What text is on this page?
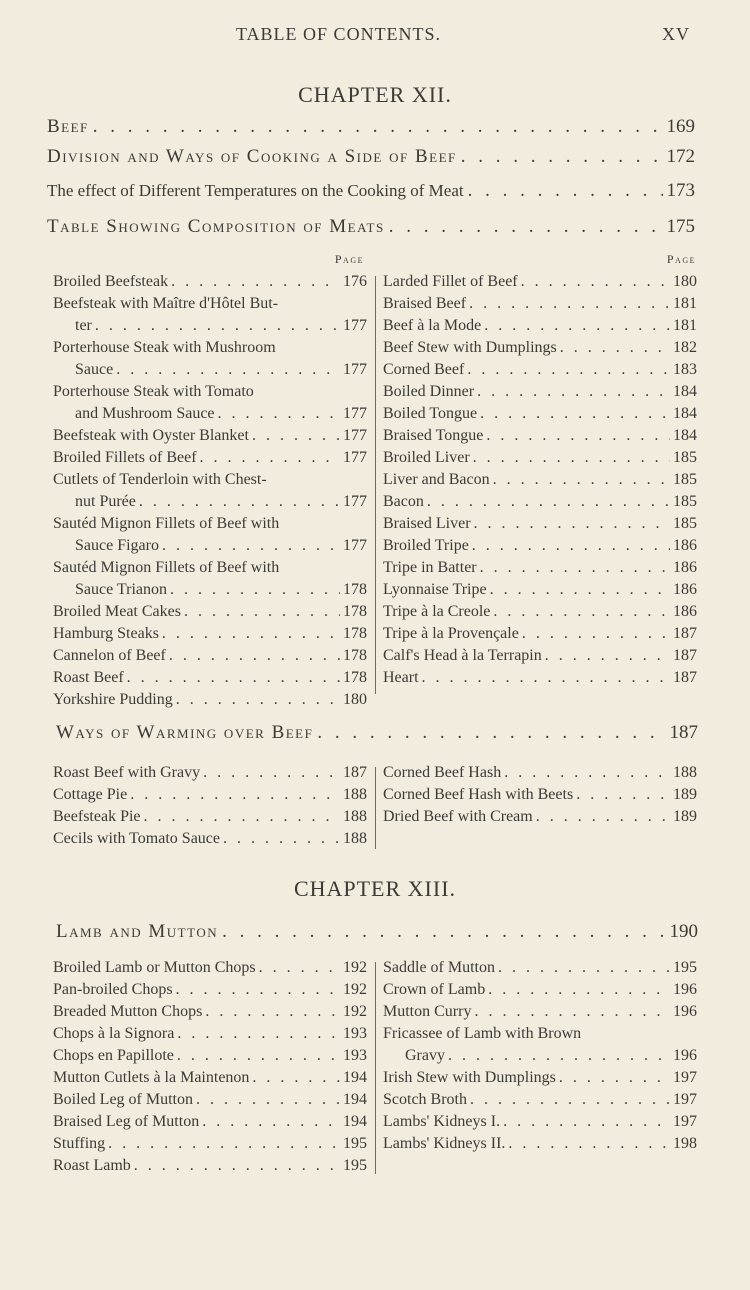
TABLE OF CONTENTS.	XV
CHAPTER XII.
Beef . . .	169
Division and Ways of Cooking a Side of Beef . . .	172
The effect of Different Temperatures on the Cooking of Meat . . .	173
Table Showing Composition of Meats . . .	175
Page	Page
Broiled Beefsteak . . .	176
Beefsteak with Maître d'Hôtel But-
ter . . .	177
Porterhouse Steak with Mushroom
Sauce . . .	177
Porterhouse Steak with Tomato
and Mushroom Sauce . . .	177
Beefsteak with Oyster Blanket . . .	177
Broiled Fillets of Beef . . .	177
Cutlets of Tenderloin with Chest-
nut Purée . . .	177
Sautéd Mignon Fillets of Beef with
Sauce Figaro . . .	177
Sautéd Mignon Fillets of Beef with
Sauce Trianon . . .	178
Broiled Meat Cakes . . .	178
Hamburg Steaks . . .	178
Cannelon of Beef . . .	178
Roast Beef . . .	178
Yorkshire Pudding . . .	180
Larded Fillet of Beef . . .	180
Braised Beef . . .	181
Beef à la Mode . . .	181
Beef Stew with Dumplings . . .	182
Corned Beef . . .	183
Boiled Dinner . . .	184
Boiled Tongue . . .	184
Braised Tongue . . .	184
Broiled Liver . . .	185
Liver and Bacon . . .	185
Bacon . . .	185
Braised Liver . . .	185
Broiled Tripe . . .	186
Tripe in Batter . . .	186
Lyonnaise Tripe . . .	186
Tripe à la Creole . . .	186
Tripe à la Provençale . . .	187
Calf's Head à la Terrapin . . .	187
Heart . . .	187
Ways of Warming over Beef . . .	187
Roast Beef with Gravy . . .	187
Cottage Pie . . .	188
Beefsteak Pie . . .	188
Cecils with Tomato Sauce . . .	188
Corned Beef Hash . . .	188
Corned Beef Hash with Beets . . .	189
Dried Beef with Cream . . .	189
CHAPTER XIII.
Lamb and Mutton . . .	190
Broiled Lamb or Mutton Chops . . .	192
Pan-broiled Chops . . .	192
Breaded Mutton Chops . . .	192
Chops à la Signora . . .	193
Chops en Papillote . . .	193
Mutton Cutlets à la Maintenon . . .	194
Boiled Leg of Mutton . . .	194
Braised Leg of Mutton . . .	194
Stuffing . . .	195
Roast Lamb . . .	195
Saddle of Mutton . . .	195
Crown of Lamb . . .	196
Mutton Curry . . .	196
Fricassee of Lamb with Brown
Gravy . . .	196
Irish Stew with Dumplings . . .	197
Scotch Broth . . .	197
Lambs' Kidneys I. . . .	197
Lambs' Kidneys II. . . .	198
